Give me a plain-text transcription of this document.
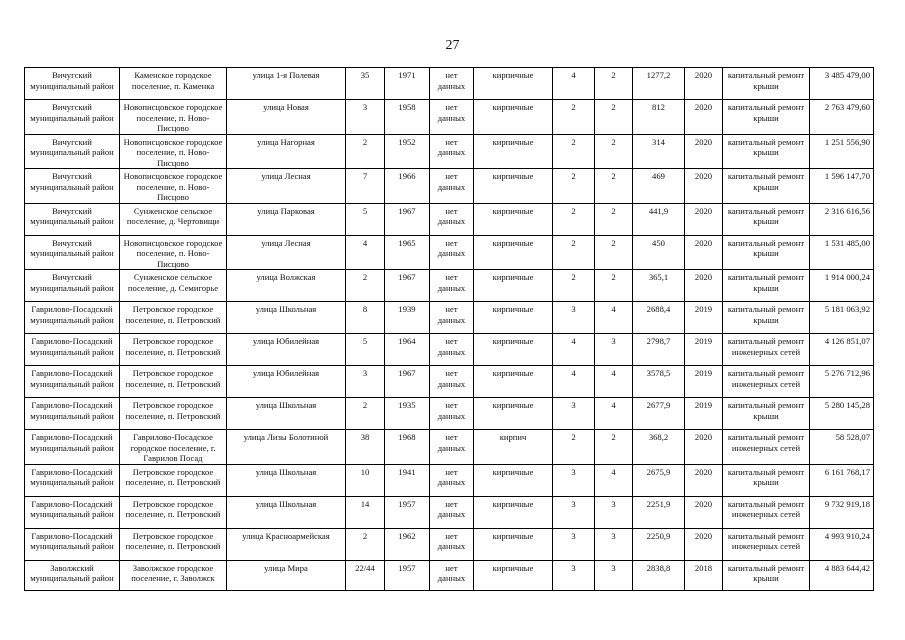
27
Вичугский муниципальный район	Каменское городское поселение, п. Каменка	улица 1-я Полевая	35	1971	нет данных	кирпичные	4	2	1277,2	2020	капитальный ремонт крыши	3 485 479,00
Вичугский муниципальный район	Новописцовское городское поселение, п. Ново-Писцово	улица Новая	3	1958	нет данных	кирпичные	2	2	812	2020	капитальный ремонт крыши	2 763 479,60
Вичугский муниципальный район	Новописцовское городское поселение, п. Ново-Писцово	улица Нагорная	2	1952	нет данных	кирпичные	2	2	314	2020	капитальный ремонт крыши	1 251 556,90
Вичугский муниципальный район	Новописцовское городское поселение, п. Ново-Писцово	улица Лесная	7	1966	нет данных	кирпичные	2	2	469	2020	капитальный ремонт крыши	1 596 147,70
Вичугский муниципальный район	Сунженское сельское поселение, д. Чертовищи	улица Парковая	5	1967	нет данных	кирпичные	2	2	441,9	2020	капитальный ремонт крыши	2 316 616,56
Вичугский муниципальный район	Новописцовское городское поселение, п. Ново-Писцово	улица Лесная	4	1965	нет данных	кирпичные	2	2	450	2020	капитальный ремонт крыши	1 531 485,00
Вичугский муниципальный район	Сунженское сельское поселение, д. Семигорье	улица Волжская	2	1967	нет данных	кирпичные	2	2	365,1	2020	капитальный ремонт крыши	1 914 000,24
Гаврилово-Посадский муниципальный район	Петровское городское поселение, п. Петровский	улица Школьная	8	1939	нет данных	кирпичные	3	4	2688,4	2019	капитальный ремонт крыши	5 181 063,92
Гаврилово-Посадский муниципальный район	Петровское городское поселение, п. Петровский	улица Юбилейная	5	1964	нет данных	кирпичные	4	3	2798,7	2019	капитальный ремонт инженерных сетей	4 126 851,07
Гаврилово-Посадский муниципальный район	Петровское городское поселение, п. Петровский	улица Юбилейная	3	1967	нет данных	кирпичные	4	4	3578,5	2019	капитальный ремонт инженерных сетей	5 276 712,96
Гаврилово-Посадский муниципальный район	Петровское городское поселение, п. Петровский	улица Школьная	2	1935	нет данных	кирпичные	3	4	2677,9	2019	капитальный ремонт крыши	5 280 145,28
Гаврилово-Посадский муниципальный район	Гаврилово-Посадское городское поселение, г. Гаврилов Посад	улица Лизы Болотиной	38	1968	нет данных	кирпич	2	2	368,2	2020	капитальный ремонт инженерных сетей	58 528,07
Гаврилово-Посадский муниципальный район	Петровское городское поселение, п. Петровский	улица Школьная	10	1941	нет данных	кирпичные	3	4	2675,9	2020	капитальный ремонт крыши	6 161 768,17
Гаврилово-Посадский муниципальный район	Петровское городское поселение, п. Петровский	улица Школьная	14	1957	нет данных	кирпичные	3	3	2251,9	2020	капитальный ремонт инженерных сетей	9 732 919,18
Гаврилово-Посадский муниципальный район	Петровское городское поселение, п. Петровский	улица Красноармейская	2	1962	нет данных	кирпичные	3	3	2250,9	2020	капитальный ремонт инженерных сетей	4 993 910,24
Заволжский муниципальный район	Заволжское городское поселение, г. Заволжск	улица Мира	22/44	1957	нет данных	кирпичные	3	3	2838,8	2018	капитальный ремонт крыши	4 883 644,42
